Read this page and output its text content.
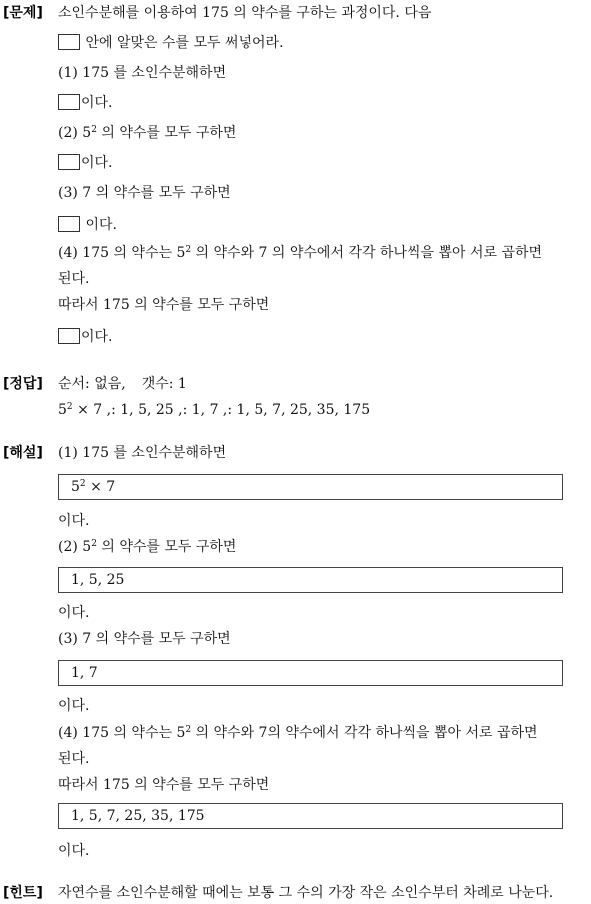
[문제] 소인수분해를 이용하여 175 의 약수를 구하는 과정이다. 다음
안에 알맞은 수를 모두 써넣어라.
(1) 175 를 소인수분해하면
이다.
(2) $5^2$ 의 약수를 모두 구하면
이다.
(3) 7 의 약수를 모두 구하면
이다.
(4) 175 의 약수는 $5^2$ 의 약수와 7 의 약수에서 각각 하나씩을 뽑아 서로 곱하면
된다.
따라서 175 의 약수를 모두 구하면
이다.
[정답] 순서: 없음, 갯수: 1
$5^2 \times 7$ ,: 1, 5, 25 ,: 1, 7 ,: 1, 5, 7, 25, 35, 175
[해설] (1) 175 를 소인수분해하면
$5^2 \times 7$
이다.
(2) $5^2$ 의 약수를 모두 구하면
1, 5, 25
이다.
(3) 7 의 약수를 모두 구하면
1, 7
이다.
(4) 175 의 약수는 $5^2$ 의 약수와 7의 약수에서 각각 하나씩을 뽑아 서로 곱하면
된다.
따라서 175 의 약수를 모두 구하면
1, 5, 7, 25, 35, 175
이다.
[힌트] 자연수를 소인수분해할 때에는 보통 그 수의 가장 작은 소인수부터 차례로 나눈다.
